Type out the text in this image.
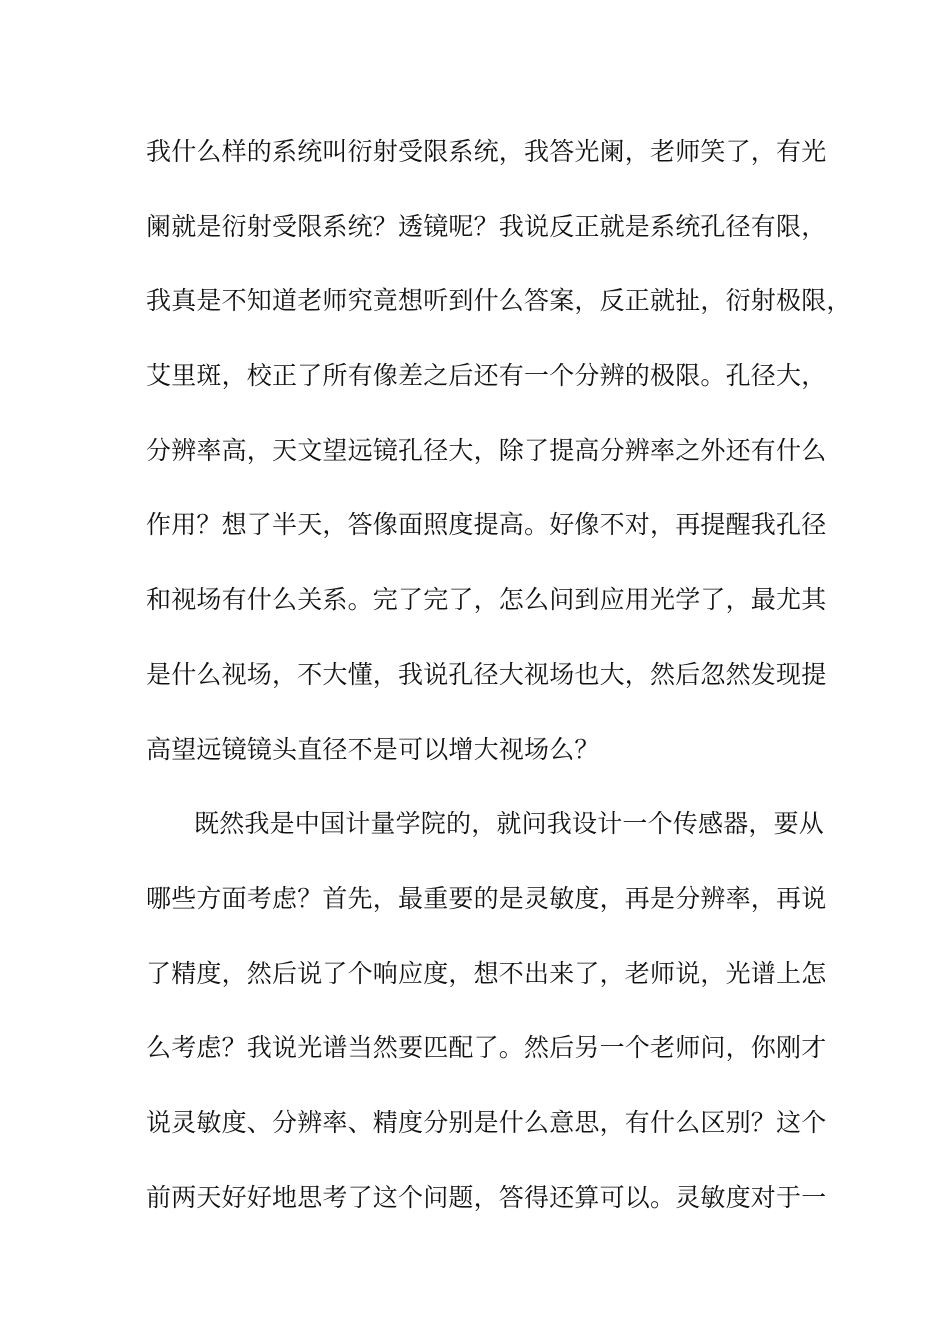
我什么样的系统叫衍射受限系统，我答光阑，老师笑了，有光
阑就是衍射受限系统？透镜呢？我说反正就是系统孔径有限，
我真是不知道老师究竟想听到什么答案，反正就扯，衍射极限，
艾里斑，校正了所有像差之后还有一个分辨的极限。孔径大，
分辨率高，天文望远镜孔径大，除了提高分辨率之外还有什么
作用？想了半天，答像面照度提高。好像不对，再提醒我孔径
和视场有什么关系。完了完了，怎么问到应用光学了，最尤其
是什么视场，不大懂，我说孔径大视场也大，然后忽然发现提
高望远镜镜头直径不是可以增大视场么？
既然我是中国计量学院的，就问我设计一个传感器，要从
哪些方面考虑？首先，最重要的是灵敏度，再是分辨率，再说
了精度，然后说了个响应度，想不出来了，老师说，光谱上怎
么考虑？我说光谱当然要匹配了。然后另一个老师问，你刚才
说灵敏度、分辨率、精度分别是什么意思，有什么区别？这个
前两天好好地思考了这个问题，答得还算可以。灵敏度对于一
